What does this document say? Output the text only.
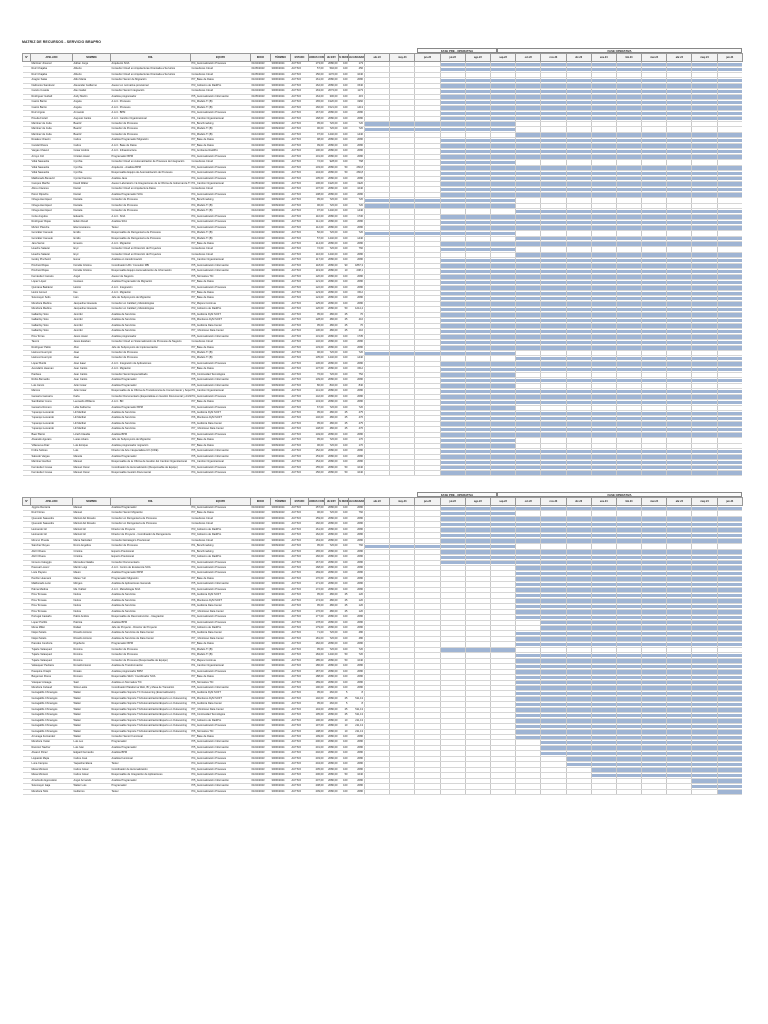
MATRIZ DE RECURSOS - SERVICIO BRAPRO
FASE PRE - OPERATIVA	FASE OPERATIVA
Nº	APELLIDO	NOMBRE	ROL	EQUIPO	INICIO	TÉRMINO	ESTADO	HORAS CON	HH EST.	% DEDIC	HH ASIGNAD	abr-23	may-23	jun-23	jul-23	ago-23	sep-23	oct-23	nov-23	dic-23	ene-24	feb-24	mar-24	abr-24	may-24	jun-24
	Martinez Jimenez	Adrian Jorge	Arquitecto SOA	PI4_Automatización Procesos	01/04/2023	30/06/2024	ACTIVO	173,00	2080,00	100	173				

	Ruiz Chajaba	Alberto	Consultor Cloud en Arquitecturas Orientada a Servicios	Consultores Cloud	01/05/2023	30/06/2024	ACTIVO	57,00	592,00	100	456				

	Ruiz Chajaba	Alberto	Consultor Cloud en Arquitecturas Orientada a Servicios	Consultores Cloud	01/05/2023	30/06/2024	ACTIVO	150,00	1170,00	100	1040															
	Aragón Salas	Aldo María	Consultor Senior de Migración	PI7_Base de Datos	01/04/2023	30/06/2024	ACTIVO	161,00	2080,00	100	2080				

	Narbonés Sandoval	Alexander Guillermo	Asesor en normativa previsional	PI3_Gobierno de RadiPro	01/04/2023	30/06/2024	ACTIVO	162,00	2080,00	100	1540				

	Cancio Cusiola	Alex Isabel	Consultor Senior Integración	Consultores Cloud	01/04/2023	30/06/2024	ACTIVO	163,00	2073,00	100	1173				

	Rodríguez Guibell	Andy Martín	Analista programador	PI5_Automatización Información	01/05/2023	30/06/2024	ACTIVO	164,00	300,00	100	415				

	Castro Barrio	Ángela	A.A.C. Procesos	PI4_Modelo TI (B)	01/04/2023	30/06/2024	ACTIVO	165,00	1920,00	100	1960				

	Castro Barrio	Ángela	A.A.C. Procesos	PI4_Modelo TI (B)	01/04/2023	30/06/2024	ACTIVO	166,00	1521,00	100	1413				

	Ruiz Argote	Armando	A.A.C. BPM	PI4_Automatización Procesos	01/04/2023	30/06/2024	ACTIVO	167,00	2080,00	100	2080				

	Pineda Fortell	Augusto Carlos	A.A.C. Cambio Organizacional	PI1_Cambio Organizacional	01/04/2023	30/06/2024	ACTIVO	168,00	2080,00	100	2080				

	Martínez de Ávila	Beatriz	Consultor de Procesos	PI1_Benchmarking	01/04/2023	30/09/2023	ACTIVO	95,00	720,00	100	720	

	Martínez de Ávila	Beatriz	Consultor de Procesos	PI4_Modelo TI (B)	01/04/2023	30/09/2023	ACTIVO	96,00	720,00	100	720	

	Martínez de Ávila	Beatriz	Consultor de Procesos	PI4_Modelo TI (B)	01/10/2023	30/06/2024	ACTIVO	97,00	1440,00	100	1440							

	Rosales Chacón	Carlos	Analista Programador Migración	PI7_Base de Datos	01/04/2023	30/06/2024	ACTIVO	98,00	2080,00	100	2080				

	Candel Rivera	Carlos	A.A.C. Base de Datos	PI7_Base de Datos	01/04/2023	30/06/2024	ACTIVO	99,00	2080,00	100	2080				

	Vargas Chávez	César Andrés	A.A.C. Infraestructura	PI4_Ambiente RadiPro	01/04/2023	30/06/2024	ACTIVO	100,00	2080,00	100	2080				

	Arroyo Cid	Cristian Javier	Programador BPM	PI4_Automatización Procesos	01/04/2023	30/06/2024	ACTIVO	101,00	2080,00	100	2080				

	Vidal Saavedra	Cynthia	Consultor Cloud en Automatización de Procesos de Integración	Consultores Cloud	01/04/2023	30/06/2024	ACTIVO	72,00	928,00	100	768				

	Vidal Saavedra	Cynthia	Arquitecto - Analista BPM	PI4_Automatización Procesos	01/04/2023	30/06/2024	ACTIVO	103,00	2080,00	50	266,8				

	Vidal Saavedra	Cynthia	Responsable Equipo de Automatización de Procesos	PI4_Automatización Procesos	01/04/2023	30/06/2024	ACTIVO	104,00	2080,00	50	266,8				

	Maldonado Benavid	Cyntia Francine	Analista Java	PI4_Automatización Procesos	01/04/2023	30/06/2024	ACTIVO	105,00	2080,00	100	2080				

	Campos Mariño	David Walter	Asesor Laboratorio / E.Integraciones de la Oficina de Gobernanza TI	PI1_Cambio Organizacional	01/05/2023	30/06/2024	ACTIVO	106,00	1920,00	100	1920				

	Abreu Cáceres	Daniel	Consultor Cloud en Arquitectura Datos	Consultores Cloud	01/04/2023	30/06/2024	ACTIVO	107,00	2080,00	100	1040				

	Pérez Ripoche	Daniel	Analista Programador SOA	PI4_Automatización Procesos	01/04/2023	30/06/2024	ACTIVO	108,00	2080,00	100	2080				

	Ortega Henriquez	Daniela	Consultor de Procesos	PI1_Benchmarking	01/04/2023	30/09/2023	ACTIVO	95,00	720,00	100	720	

	Ortega Henriquez	Daniela	Consultor de Procesos	PI4_Modelo TI (B)	01/04/2023	30/09/2023	ACTIVO	96,00	720,00	100	720	

	Ortega Henriquez	Daniela	Consultor de Procesos	PI4_Modelo TI (B)	01/10/2023	30/06/2024	ACTIVO	97,00	1440,00	100	1440							

	Corte Angulos	Eduardo	A.A.C. SOA	PI4_Automatización Procesos	01/04/2023	30/06/2024	ACTIVO	110,00	2080,00	100	1730				

	Rodríguez Rojas	Edwin David	Analista SOA	PI4_Automatización Procesos	01/04/2023	30/06/2024	ACTIVO	111,00	2080,00	100	2080				

	Muñoz Planche	Elia Gracianne	Tester	PI4_Automatización Procesos	01/04/2023	30/06/2024	ACTIVO	112,00	2080,00	100	2080				

	González Canuelo	Emilio	Responsable de Reingeniería de Procesos	PI4_Modelo TI (B)	01/04/2023	30/09/2023	ACTIVO	56,00	720,00	100	720	

	González Canuelo	Emilio	Responsable de Reingeniería de Procesos	PI4_Modelo TI (B)	01/10/2023	30/06/2024	ACTIVO	57,00	1440,00	100	1440							

	Jara Serrat	Ernesto	A.A.C. Migración	PI7_Base de Datos	01/04/2023	30/06/2024	ACTIVO	114,00	2080,00	100	2080				

	Hueche Salazar	Eryc	Consultor Cloud en Dirección de Proyectos	Consultores Cloud	01/04/2023	30/06/2024	ACTIVO	72,00	720,00	100	760				

	Hueche Salazar	Eryc	Consultor Cloud en Dirección de Proyectos	Consultores Cloud	01/04/2023	30/06/2024	ACTIVO	116,00	1440,00	100	2080							

	Godoy Pincheird	Eunar	Analista en transformación	PI1_Cambio Organizacional	01/04/2023	30/06/2024	ACTIVO	117,00	2080,00	100	2080				

	Pincheid Rojas	Fiorella Cristina	Coordinador HW / Consultor RBI	PI5_Automatización Información	01/04/2023	30/06/2024	ACTIVO	118,00	2080,00	90	1867,3				

	Pincheid Rojas	Fiorella Cristina	Responsable Equipo Automatización de Información	PI5_Automatización Información	01/04/2023	30/06/2024	ACTIVO	119,00	2080,00	10	208,1				

	Fernández Camelo	Ángel	Asesor de Negocio	PI5_Normativa TIC	01/04/2023	30/06/2024	ACTIVO	120,00	2080,00	100	2080				

	López López	Gustavo	Analista Programador de Migración	PI7_Base de Datos	01/04/2023	30/06/2024	ACTIVO	121,00	2080,00	100	2080				

	Quintana Balcázar	Héctor	A.A.C. Integración	PI4_Automatización Procesos	01/04/2023	30/06/2024	ACTIVO	122,00	2080,00	100	2080				

	Herrá Gomez	Ilse	A.A.C. Migración	PI7_Base de Datos	01/04/2023	30/06/2024	ACTIVO	123,00	2080,00	100	1512				

	Sotomayor Solís	Iván	Jefe de Subproyecto de Migración	PI7_Base de Datos	01/04/2023	30/06/2024	ACTIVO	124,00	2080,00	100	2080				

	Mendoza Medina	Jacqueline Gisesela	Consultor en Calidad y Metodologías	PI2_Mejora Continua	01/04/2023	30/06/2024	ACTIVO	125,00	2080,00	100	2080				

	Mendoza Medina	Jacqueline Gisesela	Consultor en Calidad y Metodologías	PI3_Gobierno de RadiPro	01/04/2023	30/06/2024	ACTIVO	126,00	2080,00	50	1214,4				

	Gallardoy Soto	Jennifer	Analista de Servicios	PI6_Auditoría DyM SOFT	01/04/2023	30/06/2024	ACTIVO	95,00	480,00	25	76				

	Gallardoy Soto	Jennifer	Analista de Servicios	PI6_Monitoreo DyM SOFT	01/04/2023	30/06/2024	ACTIVO	128,00	480,00	25	416				

	Gallardoy Soto	Jennifer	Analista de Servicios	PI6_Auditoría Data Center	01/04/2023	30/06/2024	ACTIVO	95,00	480,00	25	76				

	Gallardoy Soto	Jennifer	Analista de Servicios	PI7_ Monitoreo Data Center	01/04/2023	30/06/2024	ACTIVO	130,00	480,00	25	416				

	Pina Torres	Jesús Javier	Analista programador	PI5_Automatización Información	01/04/2023	30/06/2024	ACTIVO	131,00	2080,00	100	1735				

	Taconi	Jesús Esteban	Consultor Cloud en Sistematización de Procesos de Negocio	Consultores Cloud	01/04/2023	30/06/2024	ACTIVO	132,00	2080,00	100	2080				

	Rodríguez Pablo	Jhon	Jefe de Subproyecto de Implementación	PI7_Base de Datos	01/04/2023	30/06/2024	ACTIVO	133,00	2080,00	100	2080				

	Harnest Guerryón	Joao	Consultor de Procesos	PI4_Modelo TI (B)	01/04/2023	30/09/2023	ACTIVO	96,00	720,00	100	720	

	Harnest Guerryón	Joao	Consultor de Procesos	PI4_Modelo TI (B)	01/10/2023	30/06/2024	ACTIVO	135,00	1440,00	100	1440							

	López Burdé	José Isaac	A.A.C. Integración de Aplicaciones	PI4_Automatización Procesos	01/04/2023	30/06/2024	ACTIVO	136,00	2080,00	100	2080				

	Avendaño Huaman	Juan Carlos	A.A.C. Migración	PI7_Base de Datos	01/04/2023	30/06/2024	ACTIVO	137,00	2080,00	100	1512				

	Pardave	Juan Carlos	Consultor Senior Especializado	PI6_Continuidad Tecnológica	01/04/2023	30/06/2024	ACTIVO	76,00	720,00	100	752				

	Rúbio Bernardo	Juan Carlos	Analista Programador	PI5_Automatización Información	01/04/2023	30/06/2024	ACTIVO	139,00	2080,00	100	2080				

	Luis Iranzo	Julio César	Analista Programador	PI5_Automatización Información	01/04/2023	30/09/2023	ACTIVO	80,00	840,00	100	840				

	Marcos	Julio César	Responsable de la Oficina de Transferencia de Conocimiento y Soporte	PI1_Cambio Organizacional	01/04/2023	30/06/2024	ACTIVO	141,00	2080,00	100	2080				

	Gamarra Gamarra	Karla	Consultor Documentario (Especialista en Gestión Documental y Archivo)	PI4_Automatización Procesos	01/04/2023	30/06/2024	ACTIVO	142,00	2080,00	100	2080				

	Santibañez Lluna	Leonardo Williams	A.A.C. BD	PI7_Base de Datos	01/04/2023	30/06/2024	ACTIVO	143,00	2080,00	100	2080				

	Gamarra Romero	Lidia Katherine	Analista Programador BPM	PI4_Automatización Procesos	01/04/2023	30/09/2023	ACTIVO	67,00	720,00	100	720				

	Yupanqui Leonardo	Lili Maribel	Analista de Servicios	PI6_Auditoría DyM SOFT	01/04/2023	30/06/2024	ACTIVO	95,00	480,00	25	475				

	Yupanqui Leonardo	Lili Maribel	Analista de Servicios	PI6_Monitoreo DyM SOFT	01/04/2023	30/06/2024	ACTIVO	146,00	480,00	25	476				

	Yupanqui Leonardo	Lili Maribel	Analista de Servicios	PI6_Auditoría Data Center	01/04/2023	30/06/2024	ACTIVO	95,00	480,00	25	475				

	Yupanqui Leonardo	Lili Maribel	Analista de Servicios	PI7_ Monitoreo Data Center	01/04/2023	30/06/2024	ACTIVO	148,00	480,00	25	476				

	Baez Barrio	Lizeth Claudia	Analista BPM	PI4_Automatización Procesos	01/04/2023	30/06/2024	ACTIVO	149,00	2080,00	100	2080				

	Alvarado Agurato	Lucas Álvaro	Jefe de Subproyecto de Migración	PI7_Base de Datos	01/04/2023	30/09/2023	ACTIVO	95,00	720,00	100	170				

	Villanueva Díaz	Luis Enrique	Analista programador migración	PI7_Base de Datos	01/04/2023	30/09/2023	ACTIVO	96,00	720,00	100	170				

	Frühe Solines	Luis	Director de Arte / Especialista UX (CWE)	PI5_Automatización Información	01/04/2023	30/06/2024	ACTIVO	152,00	2080,00	100	2080				

	Salcedo Vargas	Manola	Analista Programador	PI5_Automatización Información	01/04/2023	30/06/2024	ACTIVO	153,00	2080,00	100	2080				

	Martínez Hazbun	Manuel	Responsable de la Oficina de Gestión del Cambio Organizacional	PI1_Cambio Organizacional	01/04/2023	30/06/2024	ACTIVO	154,00	2080,00	100	2080				

	Fernández Cousa	Manuel Oscar	Coordinador de Automatización (Responsable de Equipo)	PI4_Automatización Procesos	01/04/2023	30/06/2024	ACTIVO	155,00	2080,00	50	1040				

	Fernández Cousa	Manuel Oscar	Responsable Gestión Documental	PI4_Automatización Procesos	01/04/2023	30/06/2024	ACTIVO	156,00	2080,00	50	1040				

FASE PRE - OPERATIVA	FASE OPERATIVA
Nº	APELLIDO	NOMBRE	ROL	EQUIPO	INICIO	TÉRMINO	ESTADO	HORAS CON	HH EST.	% DEDIC	HH ASIGNAD	abr-23	may-23	jun-23	jul-23	ago-23	sep-23	oct-23	nov-23	dic-23	ene-24	feb-24	mar-24	abr-24	may-24	jun-24
	Jiggins Rentería	Manuel	Analista Programador	PI4_Automatización Procesos	01/04/2023	30/06/2024	ACTIVO	157,00	2080,00	100	2080				

	Ruiz Flores	Manuel	Consultor Senior Migración	PI7_Base de Datos	01/04/2023	30/09/2023	ACTIVO	96,00	720,00	100	760				

	Quevedo Saavedra	Marisol del Rosario	Consultor en Reingeniería de Procesos	Consultores Cloud	01/04/2023	30/06/2024	ACTIVO	159,00	2080,00	100	2080				

	Quevedo Saavedra	Marisol del Rosario	Consultor en Reingeniería de Procesos	Consultores Cloud	01/04/2023	30/06/2024	ACTIVO	160,00	2080,00	100	2080				

	Hernando Gil	Marisol Gil	Director de Proyecto	PI3_Gobierno de RadiPro	01/04/2023	30/06/2024	ACTIVO	161,00	2080,00	100	2080				

	Hernando Gil	Marisol Gil	Director de Proyecto - Coordinador de Reingeniería	PI3_Gobierno de RadiPro	01/04/2023	30/06/2024	ACTIVO	162,00	2080,00	100	2080				

	Moncur Pineda	María Natividad	Consultor Estratégico Previsional	Consultores Cloud	01/04/2023	30/06/2024	ACTIVO	163,00	2080,00	100	2080				

	Sánchez Reyes	Rocío Angélica	Consultor de Procesos	PI1_Benchmarking	01/04/2023	30/09/2023	ACTIVO	95,00	720,00	100	760	

	Abril Olivera	Cristina	Experto Previsional	PI1_Benchmarking	01/04/2023	30/06/2024	ACTIVO	165,00	2080,00	100	2080				

	Abril Olivera	Cristina	Experto Previsional	PI3_Gobierno de RadiPro	01/04/2023	30/06/2024	ACTIVO	166,00	2080,00	100	2080				

	Gimeno Caloggio	Mercedes Natalia	Consultor Documentario	PI4_Automatización Procesos	01/04/2023	30/06/2024	ACTIVO	167,00	2080,00	100	2080				

	Pascual Lorenz	Martín Luigi	A.A.C. Centro de Excelencia SOA	PI4_Automatización Procesos	01/04/2023	30/06/2024	ACTIVO	168,00	2080,00	100	2080							

	Loza Payano	Mauro	Analista Programador BPM	PI4_Automatización Procesos	01/04/2023	30/06/2024	ACTIVO	169,00	2080,00	100	2080							

	Perdón Huamaní	Mateo Yuri	Programador Migración	PI7_Base de Datos	01/04/2023	30/06/2024	ACTIVO	170,00	2080,00	100	2080							

	Maldonado León	Mérgeo	Analista de Aplicaciones Generals	PI5_Automatización Información	01/04/2023	30/06/2024	ACTIVO	171,00	2080,00	100	2080							

	Palma Medina	Ma. Ibáñez	A.A.C. Metodología SOA	PI4_Automatización Procesos	01/04/2023	30/06/2024	ACTIVO	172,00	2080,00	100	2080							

	Pina Tomasa	Nerica	Analista de Servicios	PI6_Auditoría DyM SOFT	01/04/2023	30/06/2024	ACTIVO	95,00	480,00	25	120							

	Pina Tomasa	Nerica	Analista de Servicios	PI6_Monitoreo DyM SOFT	01/04/2023	30/06/2024	ACTIVO	174,00	480,00	25	120							

	Pina Tomasa	Nerica	Analista de Servicios	PI6_Auditoría Data Center	01/04/2023	30/06/2024	ACTIVO	95,00	480,00	25	120							

	Pina Tomasa	Nerica	Analista de Servicios	PI7_ Monitoreo Data Center	01/04/2023	30/06/2024	ACTIVO	176,00	480,00	25	120							

	Portugal Castaño	Pablo Andrés	Responsable de Reconstrucción - Integración	PI4_Automatización Procesos	01/04/2023	30/06/2024	ACTIVO	177,00	2080,00	100	2080							

	Lopez Portillo	Patricia	Analista BPM	PI4_Automatización Procesos	01/04/2023	30/06/2024	ACTIVO	178,00	2080,00	100	2080								

	Mena Millet	Rafael	Jefe de Proyecto - Director de Proyecto	PI3_Gobierno de RadiPro	01/04/2023	30/06/2024	ACTIVO	179,00	2080,00	100	2080								

	Nápoi Sotelo	Ricardo Antonio	Analista de Servicios de Data Center	PI6_Auditoría Data Center	01/04/2023	30/06/2024	ACTIVO	71,00	720,00	100	480							

	Nápoi Sotelo	Ricardo Antonio	Analista de Servicios de Data Center	PI7_ Monitoreo Data Center	01/04/2023	30/06/2024	ACTIVO	181,00	720,00	100	480							

	Paredes Cendoza	Rigoberto	Programador BPM	PI7_Base de Datos	01/04/2023	30/06/2024	ACTIVO	182,00	2080,00	100	2080							

	Tujarte Velasquez	Romina	Consultor de Procesos	PI4_Modelo TI (B)	01/04/2023	30/09/2023	ACTIVO	95,00	720,00	100	720				

	Tujarte Velasquez	Romina	Consultor de Procesos	PI4_Modelo TI (B)	01/10/2023	30/06/2024	ACTIVO	184,00	1440,00	50	720							

	Tujarte Velasquez	Romina	Consultor de Procesos (Responsable de Equipo)	PI2_Mejora Continua	01/04/2023	30/06/2024	ACTIVO	185,00	2080,00	50	1040							

	Velásquez Pedraza	Ronald Antonio	Analista de Transformación	PI1_Cambio Organizacional	01/04/2023	30/06/2024	ACTIVO	186,00	2080,00	100	2080							

	Pasquina Oriaçã	Rosaio	Analista programador BPM	PI4_Automatización Procesos	01/04/2023	30/06/2024	ACTIVO	187,00	2080,00	100	2080							

	Beigeman Flores	Romero	Responsable SEO / Coordinador SOA	PI7_Base de Datos	01/04/2023	30/06/2024	ACTIVO	188,00	2080,00	100	2080							

	Vásquez Arteaga	Saúl	Analista en Normativa TIC	PI5_Normativa TIC	01/04/2023	30/06/2024	ACTIVO	189,00	2080,00	100	2080							

	Mendoza Cubaud	Silvia Leslie	Coordinador Plataforma Web, BI y Mesa de Transición	PI5_Automatización Información	01/04/2023	30/06/2024	ACTIVO	190,00	2080,00	100	2080							

	Guzagalillo Chinangos	Walter	Responsable Soporte TC Outsourcing (Externalización)	PI6_Auditoría DyM SOFT	01/04/2023	30/06/2024	ACTIVO	95,00	260,00	5	8							

	Guzagalillo Chinangos	Walter	Responsable Soporte TC/Automatización/Experto en Outsourcing	PI6_Monitoreo DyM SOFT	01/04/2023	30/06/2024	ACTIVO	192,00	2080,00	25	511,13							

	Guzagalillo Chinangos	Walter	Responsable Soporte TC/Automatización/Experto en Outsourcing	PI6_Auditoría Data Center	01/04/2023	30/06/2024	ACTIVO	95,00	260,00	5	8							

	Guzagalillo Chinangos	Walter	Responsable Soporte TC/Automatización/Experto en Outsourcing	PI7_ Monitoreo Data Center	01/04/2023	30/06/2024	ACTIVO	194,00	2080,00	25	511,13							

	Guzagalillo Chinangos	Walter	Responsable Soporte TC/Automatización/Experto en Outsourcing	PI6_Continuidad Tecnológica	01/04/2023	30/06/2024	ACTIVO	195,00	2080,00	25	511,13							

	Guzagalillo Chinangos	Walter	Responsable Soporte TC/Automatización/Experto en Outsourcing	PI3_Gobierno de RadiPro	01/04/2023	30/06/2024	ACTIVO	196,00	2080,00	10	211,13							

	Guzagalillo Chinangos	Walter	Responsable Soporte TC/Automatización/Experto en Outsourcing	PI4_Automatización Procesos	01/04/2023	30/06/2024	ACTIVO	197,00	2080,00	10	211,13							

	Guzagalillo Chinangos	Walter	Responsable Soporte TC/Automatización/Experto en Outsourcing	PI5_Normativa TIC	01/04/2023	30/06/2024	ACTIVO	198,00	2080,00	10	211,13							

	Arrunaga Fernandez	Walter	Consultor Senior Funcional	PI7_Base de Datos	01/04/2023	30/06/2024	ACTIVO	199,00	2080,00	100	2080							

	Mendoza Yacán	Luis Lex	Programador	PI5_Automatización Información	01/04/2023	30/06/2024	ACTIVO	200,00	2080,00	100	2080								

	Ramírez Nacher	Luis Iván	Analista Programador	PI5_Automatización Información	01/04/2023	30/06/2024	ACTIVO	201,00	2080,00	100	2080								

	Alvarez Pérez	Edgard Fernando	Analista BPM	PI4_Automatización Procesos	01/04/2023	30/06/2024	ACTIVO	202,00	2080,00	100	2080								

	Lisjuardo Mejía	Carlos José	Analista Funcional	PI4_Automatización Procesos	01/04/2023	30/06/2024	ACTIVO	203,00	2080,00	100	2080									

	Luna Campos	Yaquelino Elena	Tester	PI4_Automatización Procesos	01/04/2023	30/06/2024	ACTIVO	204,00	2080,00	100	2080									

	Mesa Montero	Carlos César	Coordinador de Automatización	PI4_Automatización Procesos	01/04/2023	30/06/2024	ACTIVO	205,00	2080,00	100	2080										

	Mesa Montero	Carlos César	Responsable de Integración de Aplicaciones	PI4_Automatización Procesos	01/04/2023	30/06/2024	ACTIVO	206,00	2080,00	50	1040										

	Arredondo Egocuisión	Ángel Armando	Analista Programador	PI5_Automatización Información	01/04/2023	30/06/2024	ACTIVO	207,00	2080,00	100	2080														

	Sotomayor Isaja	Walter Luis	Programador	PI5_Automatización Información	01/04/2023	30/06/2024	ACTIVO	208,00	2080,00	100	2080														

	Mendoza Tello	Guillermo	Tester	PI4_Automatización Procesos	01/04/2023	30/06/2024	ACTIVO	209,00	2080,00	100	2080															
